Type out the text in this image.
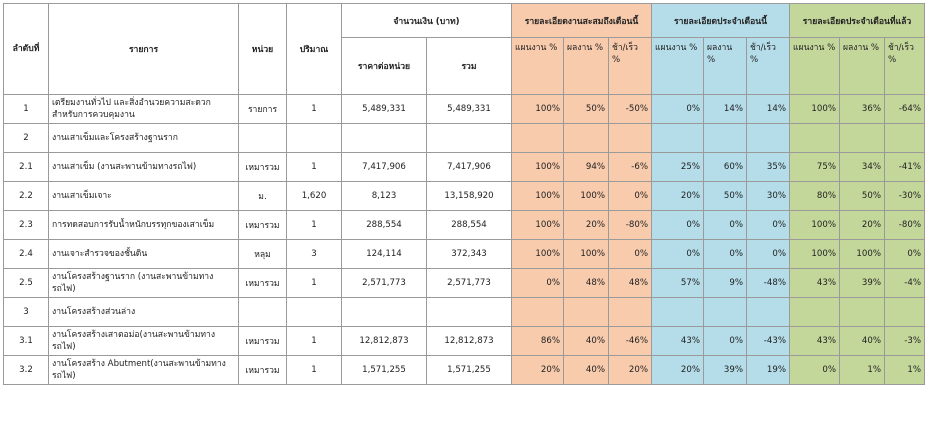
ลำดับที่	รายการ	หน่วย	ปริมาณ	จำนวนเงิน (บาท)		รายละเอียดงานสะสมถึงเดือนนี้			รายละเอียดประจำเดือนนี้			รายละเอียดประจำเดือนที่แล้ว		
				ราคาต่อหน่วย	รวม	แผนงาน %	ผลงาน %	ช้า/เร็ว %	แผนงาน %	ผลงาน %	ช้า/เร็ว %	แผนงาน %	ผลงาน %	ช้า/เร็ว %
1	เตรียมงานทั่วไป และสิ่งอำนวยความสะดวกสำหรับการควบคุมงาน	รายการ	1	5,489,331	5,489,331	100%	50%	-50%	0%	14%	14%	100%	36%	-64%
2	งานเสาเข็มและโครงสร้างฐานราก													
2.1	งานเสาเข็ม (งานสะพานข้ามทางรถไฟ)	เหมารวม	1	7,417,906	7,417,906	100%	94%	-6%	25%	60%	35%	75%	34%	-41%
2.2	งานเสาเข็มเจาะ	ม.	1,620	8,123	13,158,920	100%	100%	0%	20%	50%	30%	80%	50%	-30%
2.3	การทดสอบการรับน้ำหนักบรรทุกของเสาเข็ม	เหมารวม	1	288,554	288,554	100%	20%	-80%	0%	0%	0%	100%	20%	-80%
2.4	งานเจาะสำรวจของชั้นดิน	หลุม	3	124,114	372,343	100%	100%	0%	0%	0%	0%	100%	100%	0%
2.5	งานโครงสร้างฐานราก (งานสะพานข้ามทางรถไฟ)	เหมารวม	1	2,571,773	2,571,773	0%	48%	48%	57%	9%	-48%	43%	39%	-4%
3	งานโครงสร้างส่วนล่าง													
3.1	งานโครงสร้างเสาตอม่อ(งานสะพานข้ามทางรถไฟ)	เหมารวม	1	12,812,873	12,812,873	86%	40%	-46%	43%	0%	-43%	43%	40%	-3%
3.2	งานโครงสร้าง Abutment(งานสะพานข้ามทางรถไฟ)	เหมารวม	1	1,571,255	1,571,255	20%	40%	20%	20%	39%	19%	0%	1%	1%
